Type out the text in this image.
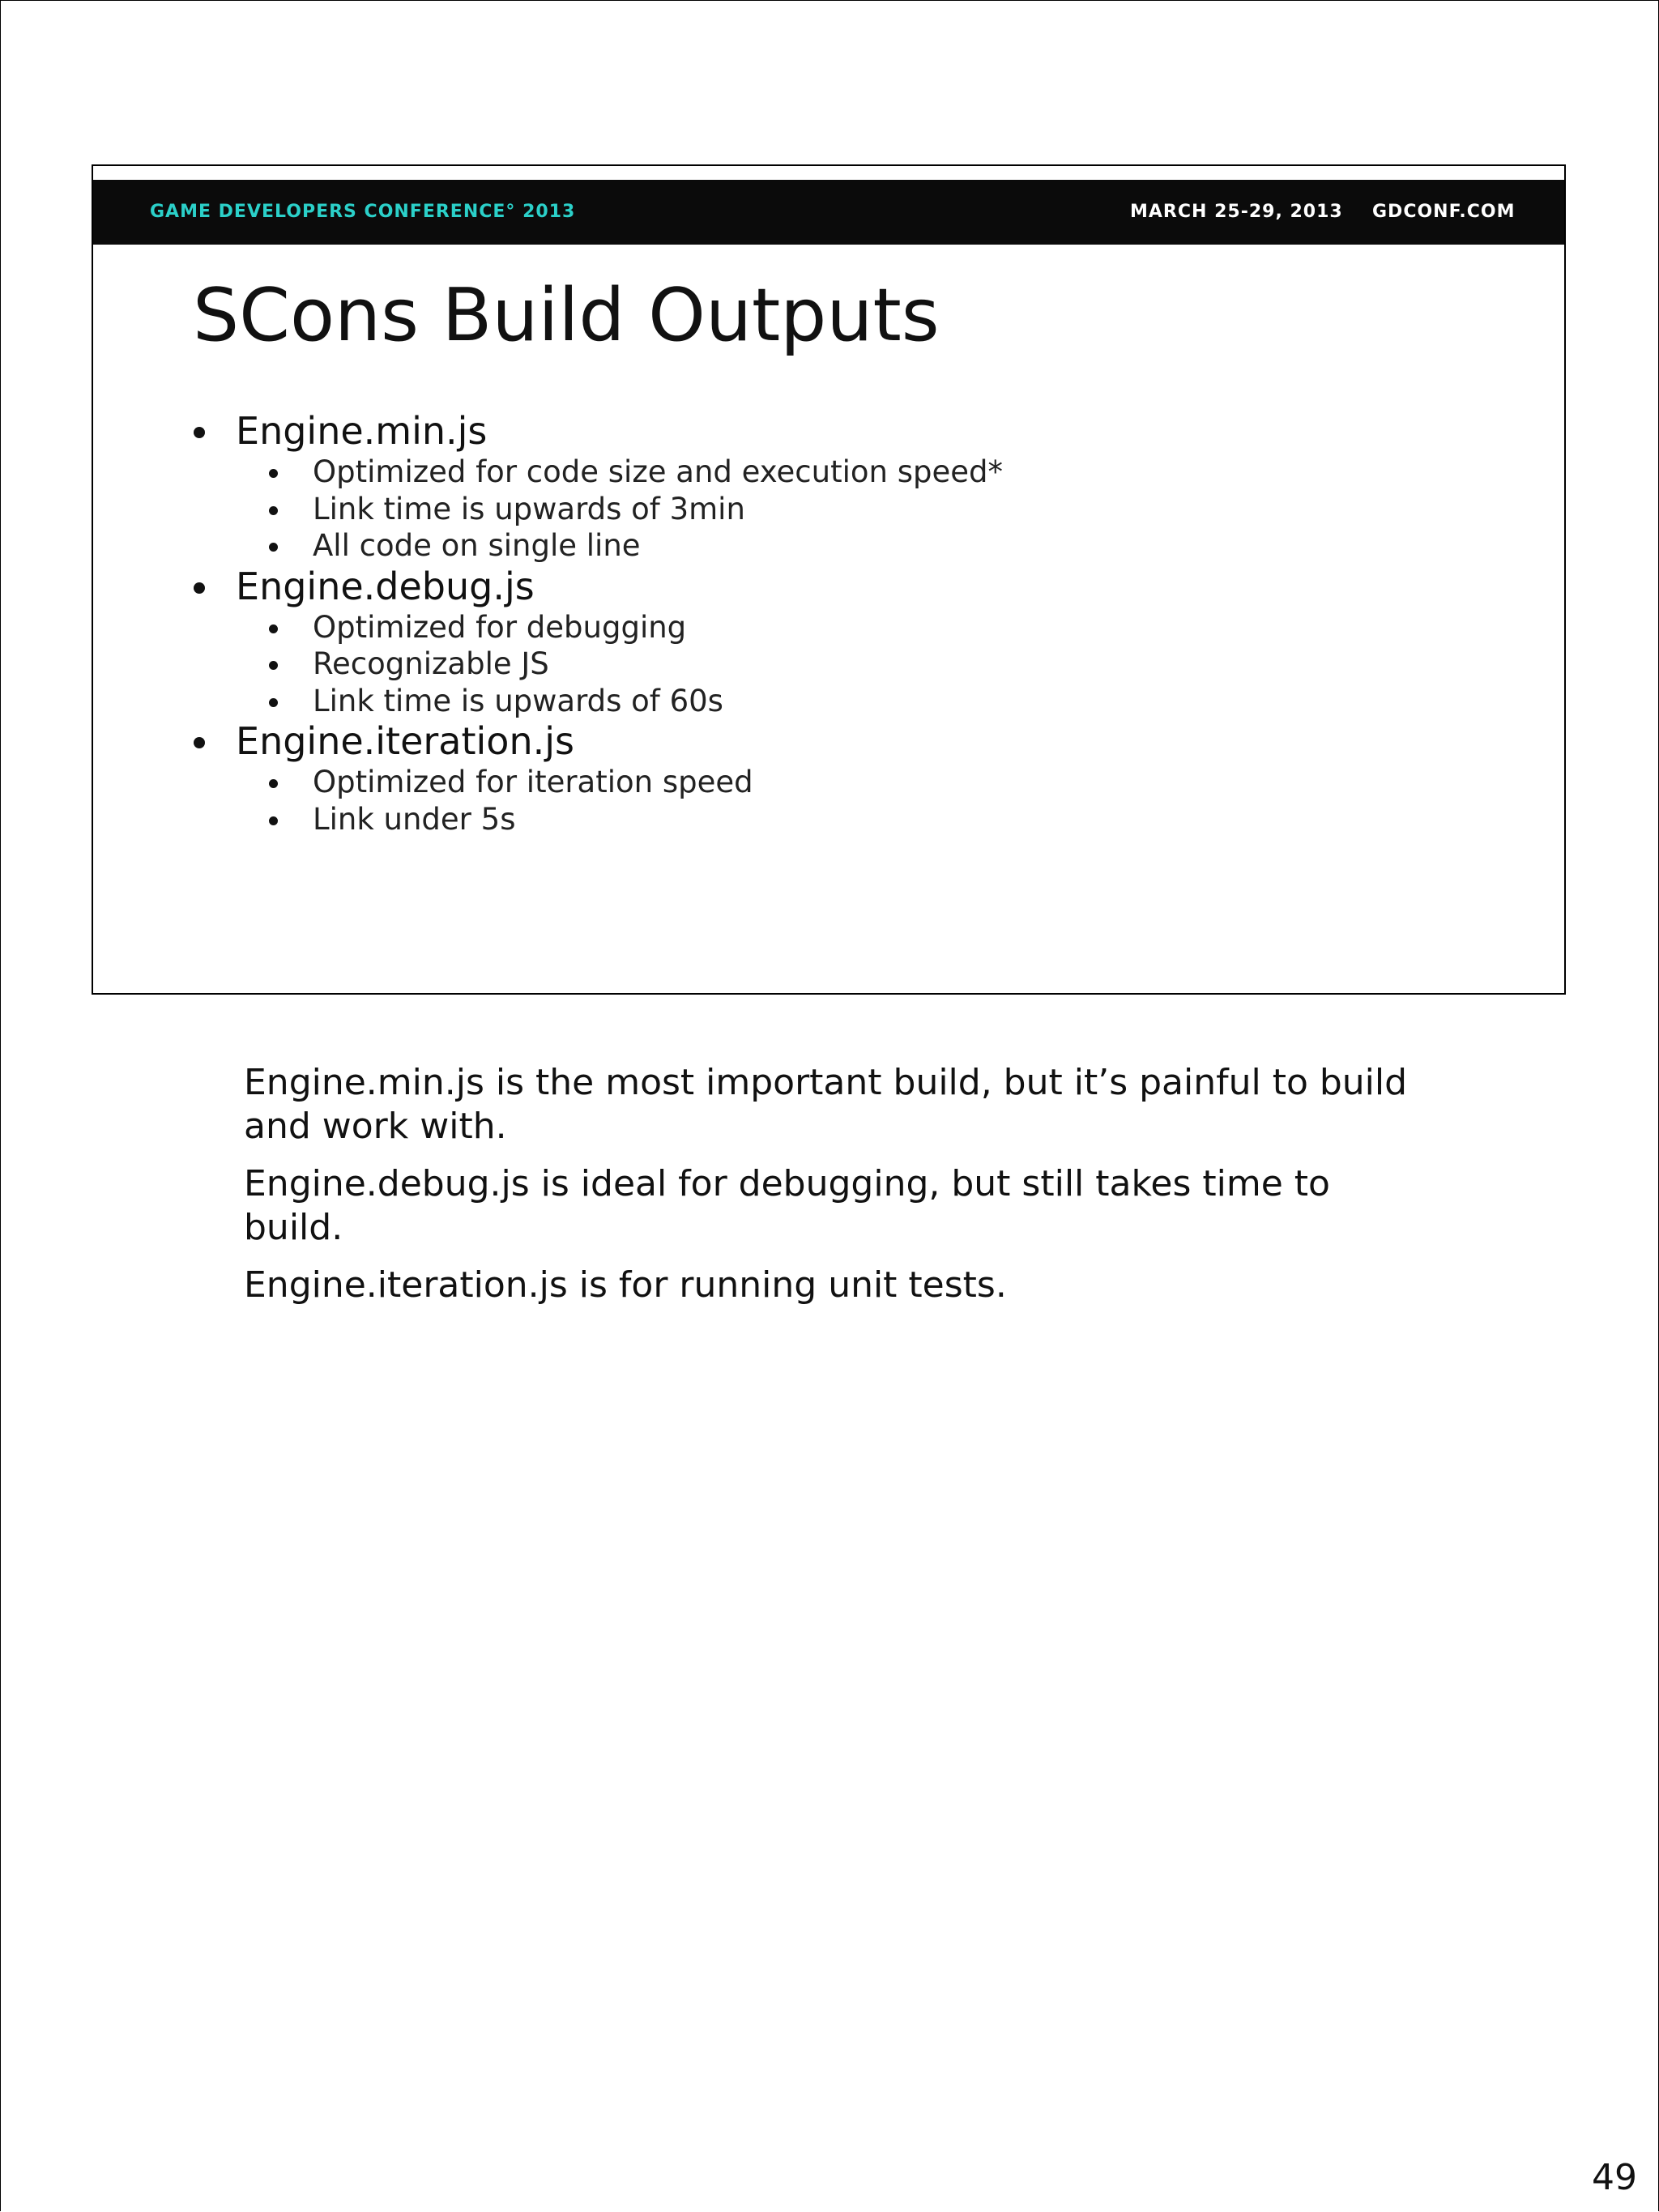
GAME DEVELOPERS CONFERENCE° 2013	MARCH 25-29, 2013 GDCONF.COM
SCons Build Outputs
Engine.min.js
Optimized for code size and execution speed*
Link time is upwards of 3min
All code on single line
Engine.debug.js
Optimized for debugging
Recognizable JS
Link time is upwards of 60s
Engine.iteration.js
Optimized for iteration speed
Link under 5s

Engine.min.js is the most important build, but it’s painful to build and work with.

Engine.debug.js is ideal for debugging, but still takes time to build.

Engine.iteration.js is for running unit tests.

49
